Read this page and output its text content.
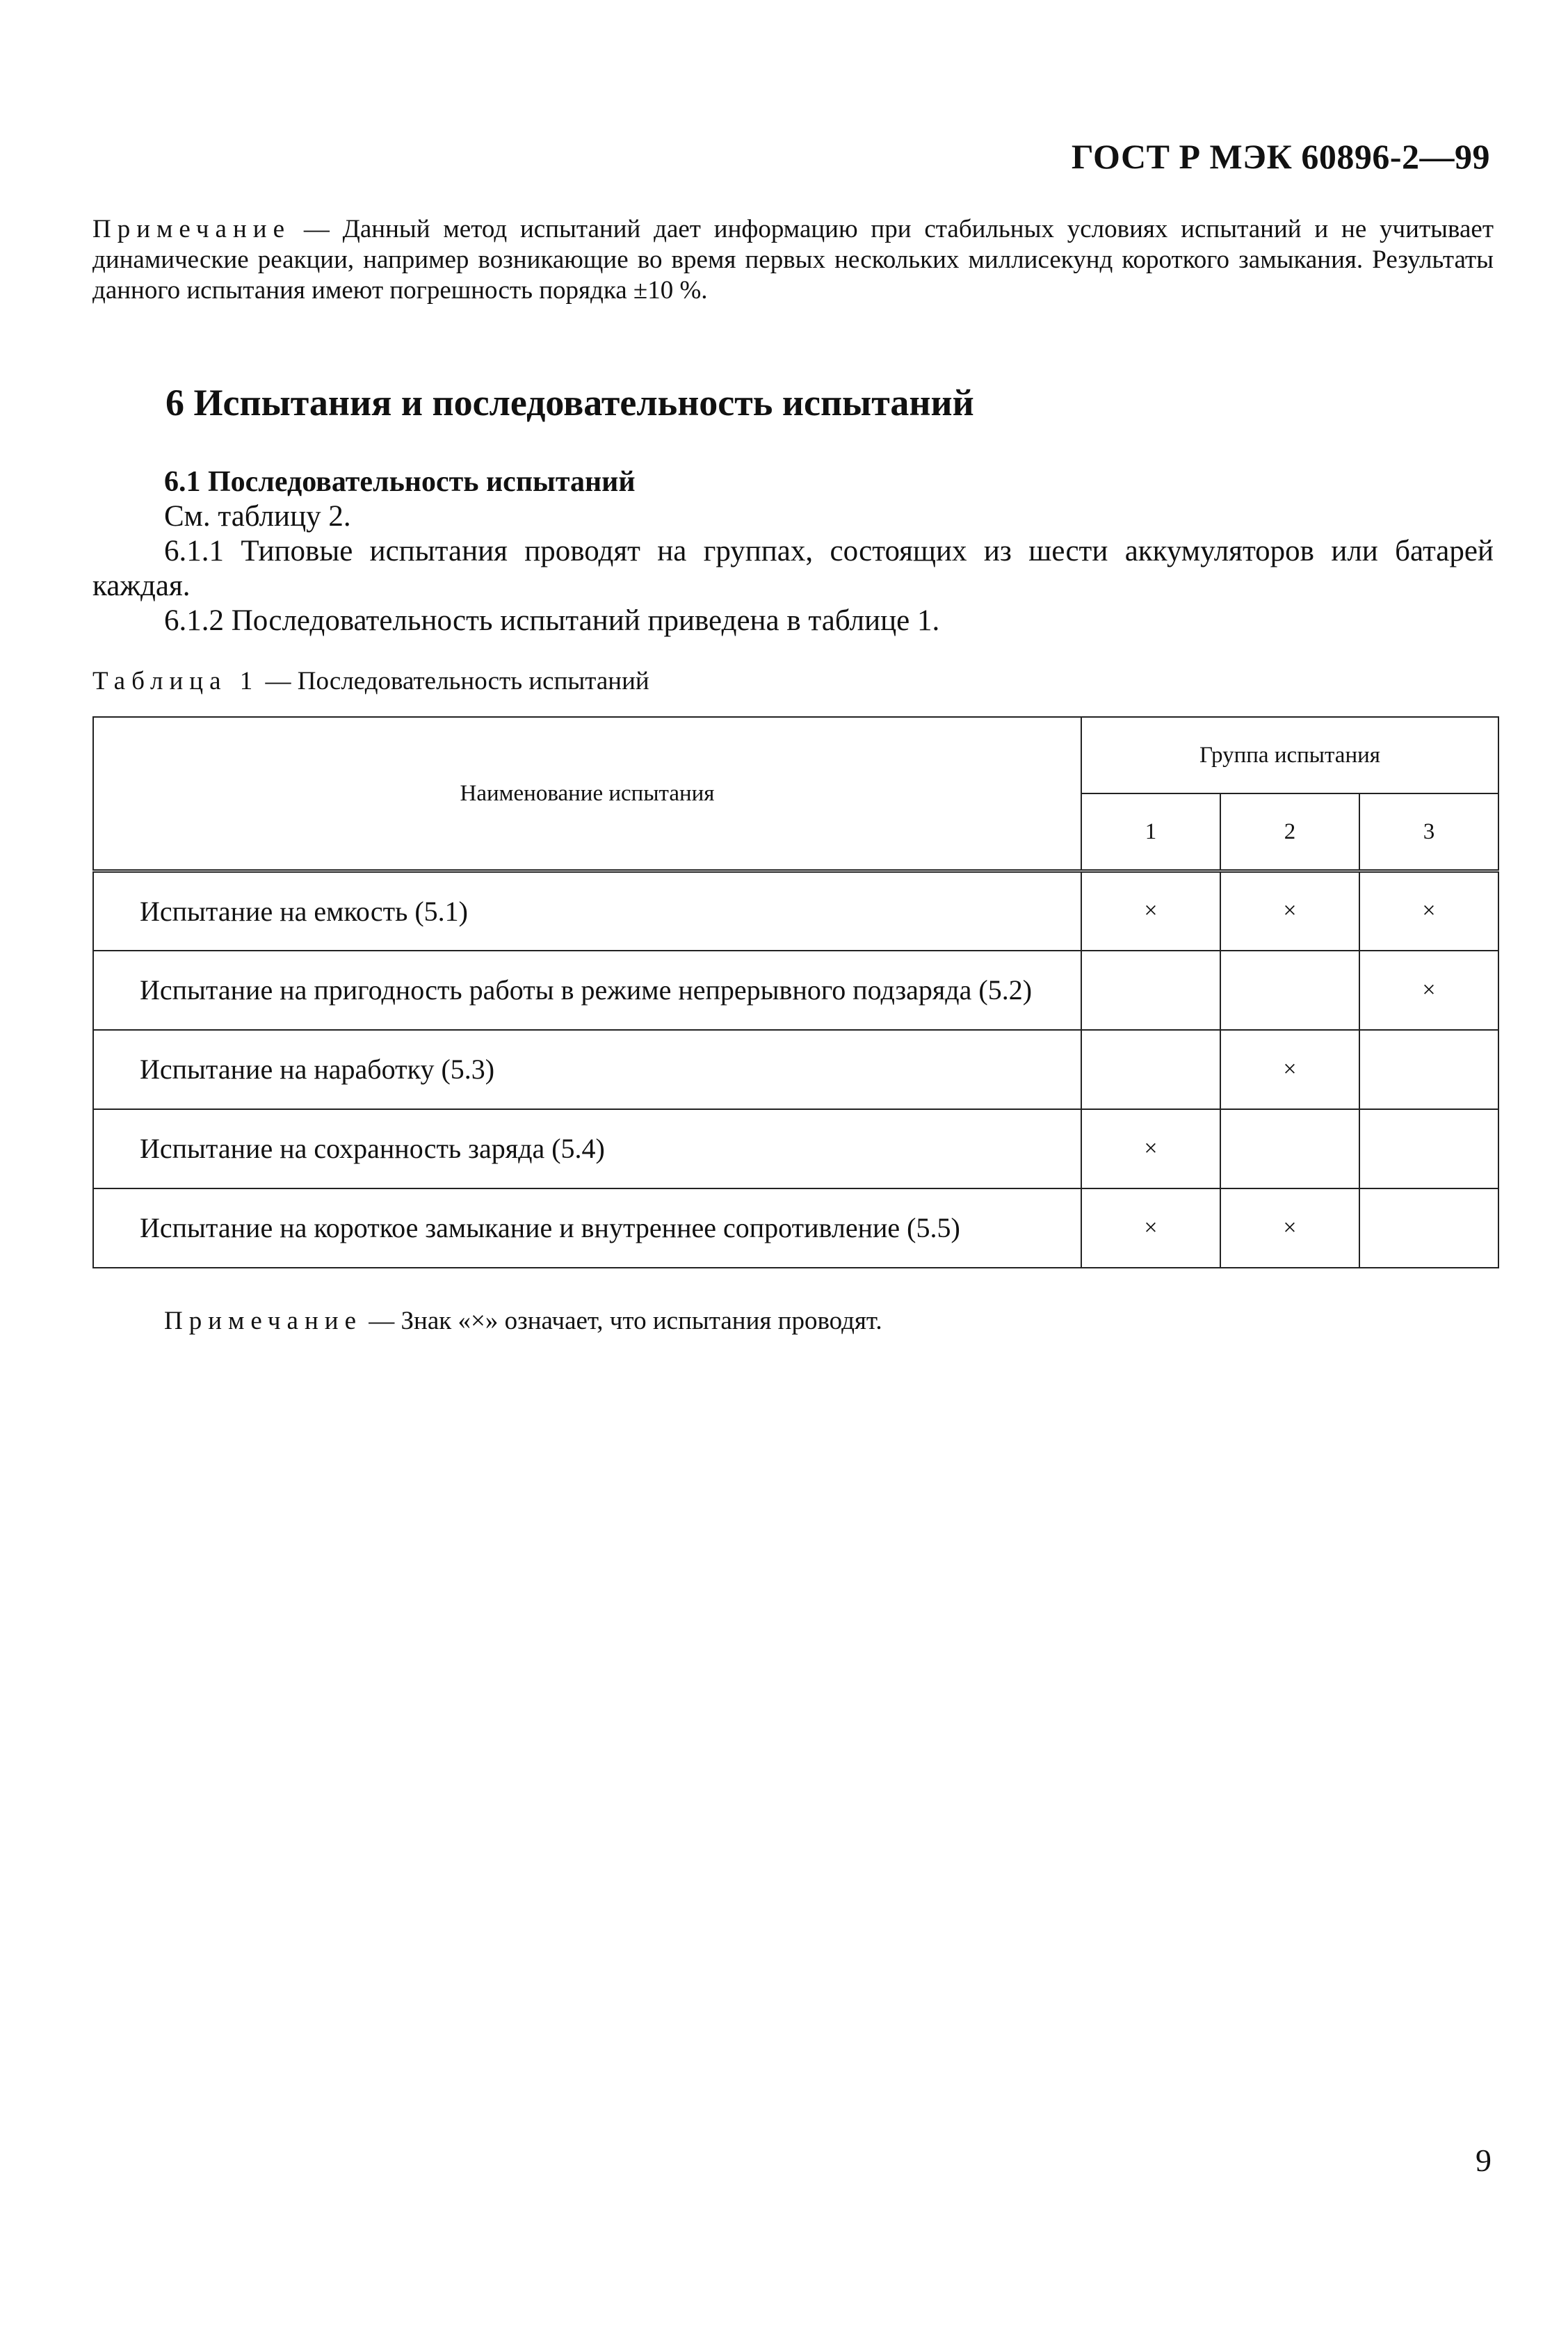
ГОСТ Р МЭК 60896-2—99
Примечание — Данный метод испытаний дает информацию при стабильных условиях испытаний и не учитывает динамические реакции, например возникающие во время первых нескольких миллисекунд короткого замыкания. Результаты данного испытания имеют погрешность порядка ±10 %.
6 Испытания и последовательность испытаний
6.1 Последовательность испытаний
См. таблицу 2.
6.1.1 Типовые испытания проводят на группах, состоящих из шести аккумуляторов или батарей каждая.
6.1.2 Последовательность испытаний приведена в таблице 1.
Таблица 1 — Последовательность испытаний
Наименование испытания	Группа испытания		
	1	2	3
Испытание на емкость (5.1)	×	×	×
Испытание на пригодность работы в режиме непрерывного подзаряда (5.2)			×
Испытание на наработку (5.3)		×	
Испытание на сохранность заряда (5.4)	×		
Испытание на короткое замыкание и внутреннее сопротивление (5.5)	×	×	
Примечание — Знак «×» означает, что испытания проводят.
9
